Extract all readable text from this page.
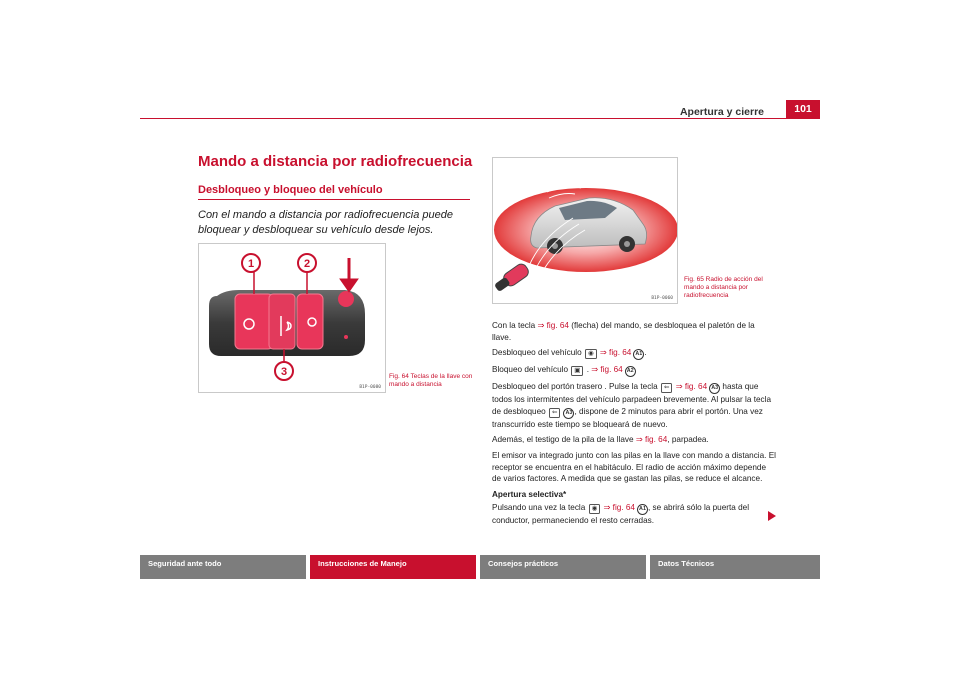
Apertura y cierre	101
Mando a distancia por radiofrecuencia
Desbloqueo y bloqueo del vehículo
Con el mando a distancia por radiofrecuencia puede bloquear y desbloquear su vehículo desde lejos.
1	2
3
B1P-0080
Fig. 64 Teclas de la llave con mando a distancia
B1P-0060
Fig. 65 Radio de acción del mando a distancia por radiofrecuencia

Con la tecla ⇒ fig. 64 (flecha) del mando, se desbloquea el paletón de la llave.

Desbloqueo del vehículo ◉ ⇒ fig. 64 A1 .

Bloqueo del vehículo ▣ . ⇒ fig. 64 A2

Desbloqueo del portón trasero . Pulse la tecla ⇐ ⇒ fig. 64 A3 hasta que todos los intermitentes del vehículo parpadeen brevemente. Al pulsar la tecla de desbloqueo ⇐ A3 , dispone de 2 minutos para abrir el portón. Una vez transcurrido este tiempo se bloqueará de nuevo.

Además, el testigo de la pila de la llave ⇒ fig. 64, parpadea.

El emisor va integrado junto con las pilas en la llave con mando a distancia. El receptor se encuentra en el habitáculo. El radio de acción máximo depende de varios factores. A medida que se gastan las pilas, se reduce el alcance.

Apertura selectiva*

Pulsando una vez la tecla ◉ ⇒ fig. 64 A1 , se abrirá sólo la puerta del conductor, permaneciendo el resto cerradas.

Seguridad ante todo	Instrucciones de Manejo	Consejos prácticos	Datos Técnicos
